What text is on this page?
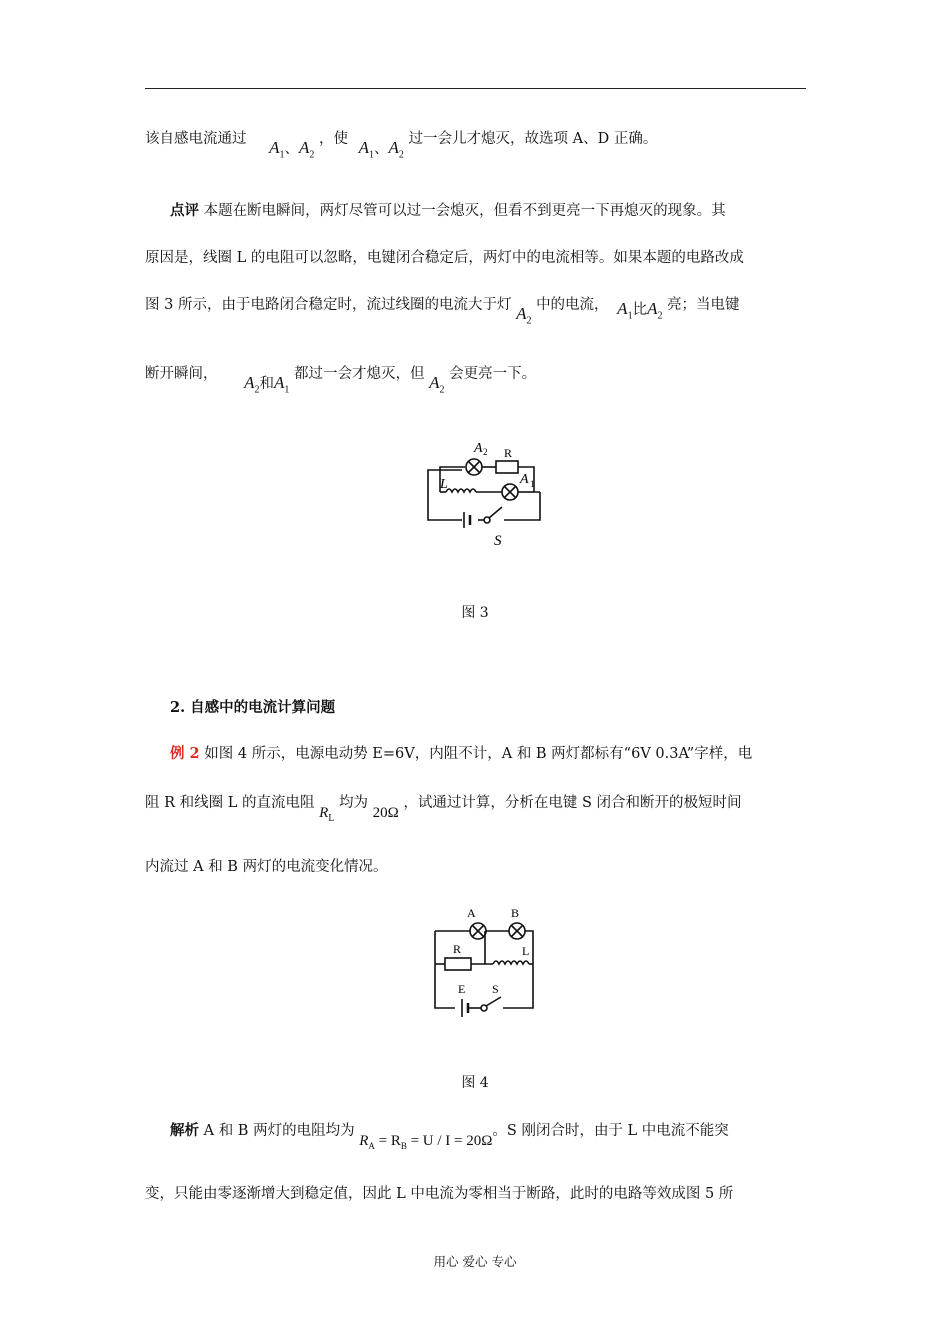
该自感电流通过 $A_1$、$A_2$ ，使 $A_1$、$A_2$ 过一会儿才熄灭，故选项 A、D 正确。
点评 本题在断电瞬间，两灯尽管可以过一会熄灭，但看不到更亮一下再熄灭的现象。其
原因是，线圈 L 的电阻可以忽略，电键闭合稳定后，两灯中的电流相等。如果本题的电路改成
图 3 所示，由于电路闭合稳定时，流过线圈的电流大于灯 $A_2$ 中的电流， $A_1$比$A_2$ 亮；当电键
断开瞬间， $A_2$和$A_1$ 都过一会才熄灭，但 $A_2$ 会更亮一下。
A 2 R
L	A 1
S
图 3
2. 自感中的电流计算问题
例 2 如图 4 所示，电源电动势 E=6V，内阻不计，A 和 B 两灯都标有“6V 0.3A”字样，电
阻 R 和线圈 L 的直流电阻 $R_L$ 均为 20Ω ，试通过计算，分析在电键 S 闭合和断开的极短时间
内流过 A 和 B 两灯的电流变化情况。
A	B
R	L
E S
图 4
解析 A 和 B 两灯的电阻均为 $R_A = R_B = U / I = 20\Omega$。S 刚闭合时，由于 L 中电流不能突
变，只能由零逐渐增大到稳定值，因此 L 中电流为零相当于断路，此时的电路等效成图 5 所
用心 爱心 专心
